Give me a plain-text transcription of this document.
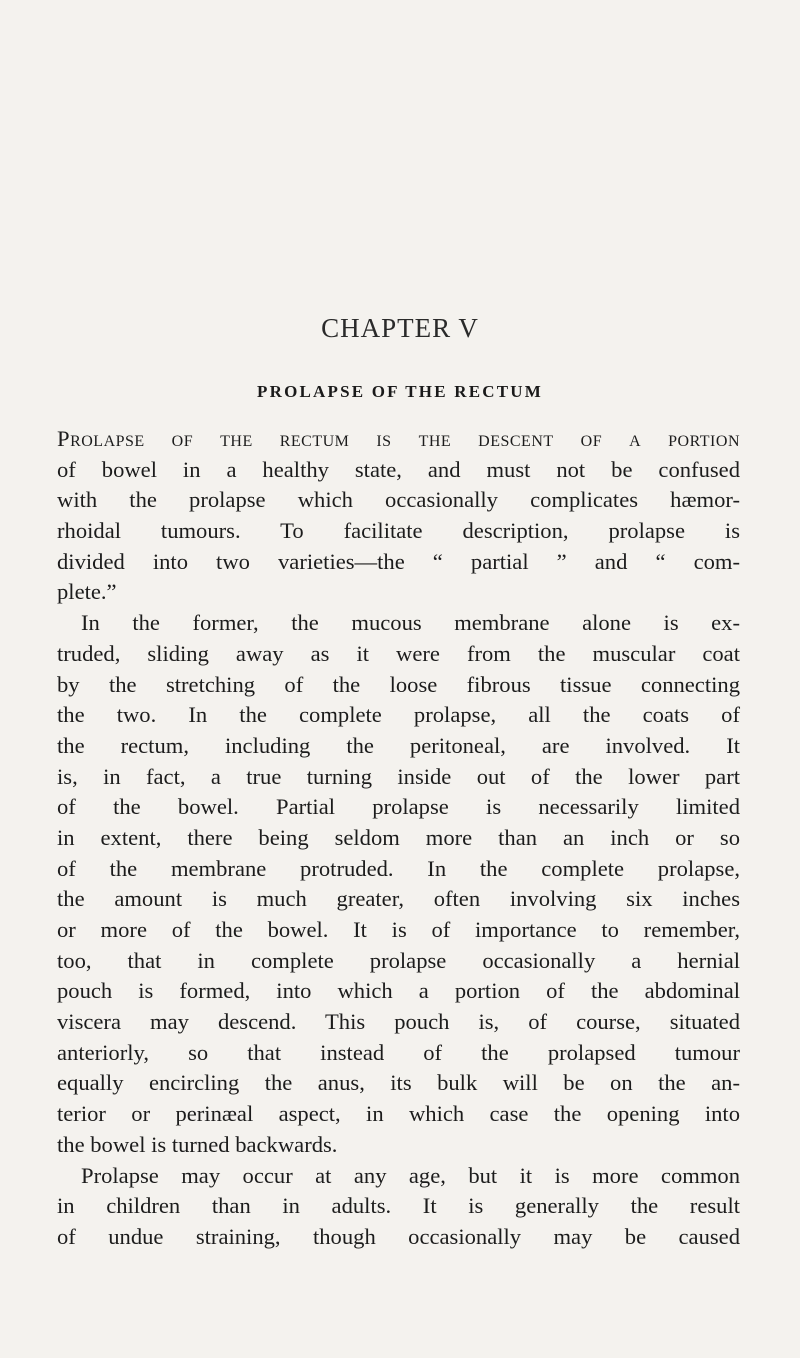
CHAPTER V
PROLAPSE OF THE RECTUM
Prolapse of the rectum is the descent of a portion
of bowel in a healthy state, and must not be confused
with the prolapse which occasionally complicates hæmor-
rhoidal tumours. To facilitate description, prolapse is
divided into two varieties—the “ partial ” and “ com-
plete.”
In the former, the mucous membrane alone is ex-
truded, sliding away as it were from the muscular coat
by the stretching of the loose fibrous tissue connecting
the two. In the complete prolapse, all the coats of
the rectum, including the peritoneal, are involved. It
is, in fact, a true turning inside out of the lower part
of the bowel. Partial prolapse is necessarily limited
in extent, there being seldom more than an inch or so
of the membrane protruded. In the complete prolapse,
the amount is much greater, often involving six inches
or more of the bowel. It is of importance to remember,
too, that in complete prolapse occasionally a hernial
pouch is formed, into which a portion of the abdominal
viscera may descend. This pouch is, of course, situated
anteriorly, so that instead of the prolapsed tumour
equally encircling the anus, its bulk will be on the an-
terior or perinæal aspect, in which case the opening into
the bowel is turned backwards.
Prolapse may occur at any age, but it is more common
in children than in adults. It is generally the result
of undue straining, though occasionally may be caused
